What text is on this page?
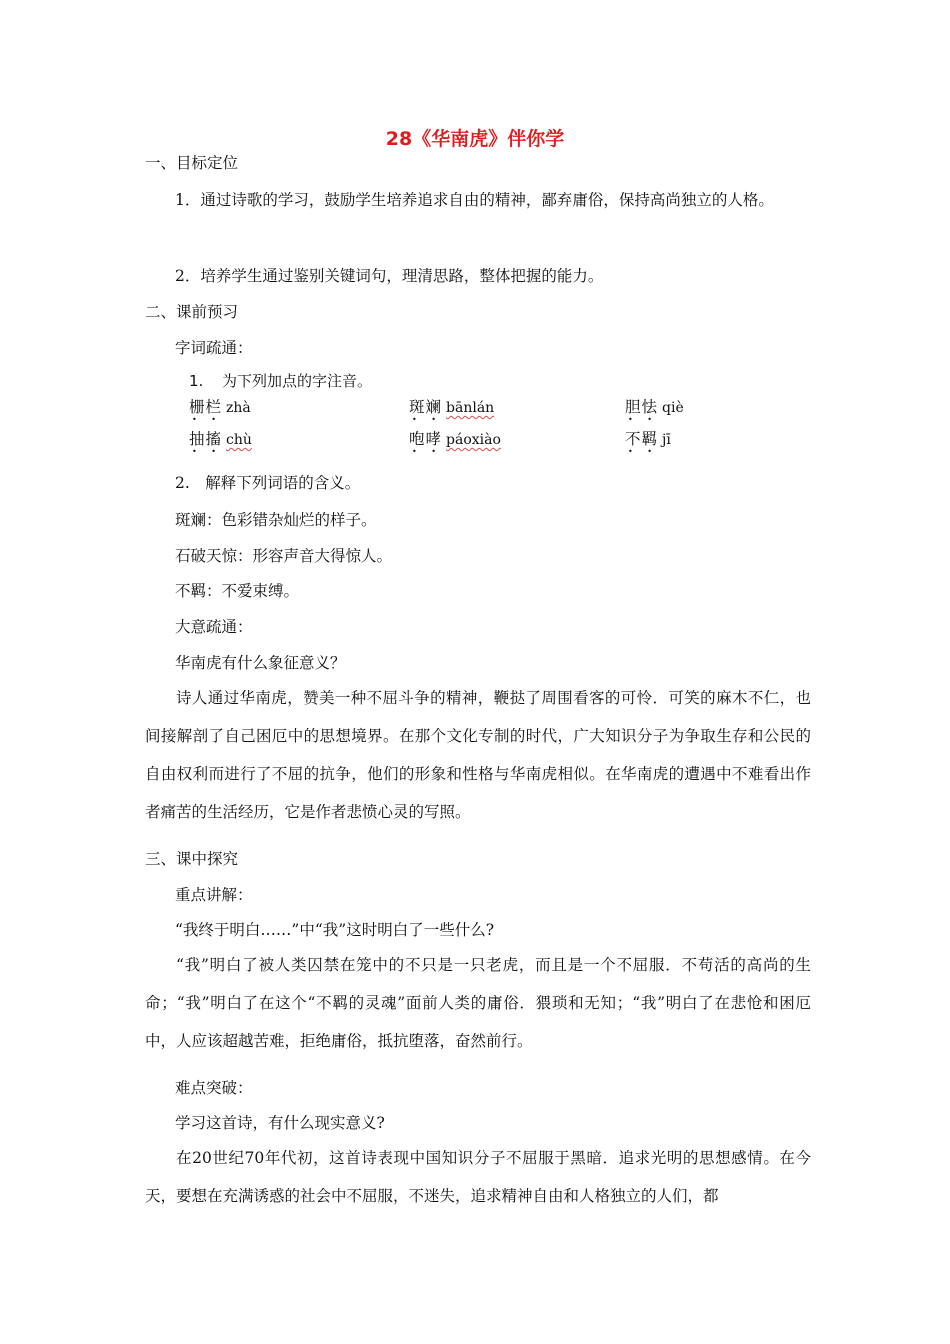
28《华南虎》伴你学
一、目标定位
1．通过诗歌的学习，鼓励学生培养追求自由的精神，鄙弃庸俗，保持高尚独立的人格。
2．培养学生通过鉴别关键词句，理清思路，整体把握的能力。
二、课前预习
字词疏通：
1. 为下列加点的字注音。
栅栏 • • zhà	斑斓 • • bānlán	胆怯 • • qiè
抽搐 • • chù	咆哮 • • páoxiào	不羁 • • jī
2.　解释下列词语的含义。
斑斓：色彩错杂灿烂的样子。
石破天惊：形容声音大得惊人。
不羁：不爱束缚。
大意疏通：
华南虎有什么象征意义？
诗人通过华南虎，赞美一种不屈斗争的精神，鞭挞了周围看客的可怜．可笑的麻木不仁，也间接解剖了自己困厄中的思想境界。在那个文化专制的时代，广大知识分子为争取生存和公民的自由权利而进行了不屈的抗争，他们的形象和性格与华南虎相似。在华南虎的遭遇中不难看出作者痛苦的生活经历，它是作者悲愤心灵的写照。
三、课中探究
重点讲解：
“我终于明白……”中“我”这时明白了一些什么?
“我”明白了被人类囚禁在笼中的不只是一只老虎，而且是一个不屈服．不苟活的高尚的生命；“我”明白了在这个“不羁的灵魂”面前人类的庸俗．猥琐和无知；“我”明白了在悲怆和困厄中，人应该超越苦难，拒绝庸俗，抵抗堕落，奋然前行。
难点突破：
学习这首诗，有什么现实意义?
在20世纪70年代初，这首诗表现中国知识分子不屈服于黑暗．追求光明的思想感情。在今天，要想在充满诱惑的社会中不屈服，不迷失，追求精神自由和人格独立的人们，都
